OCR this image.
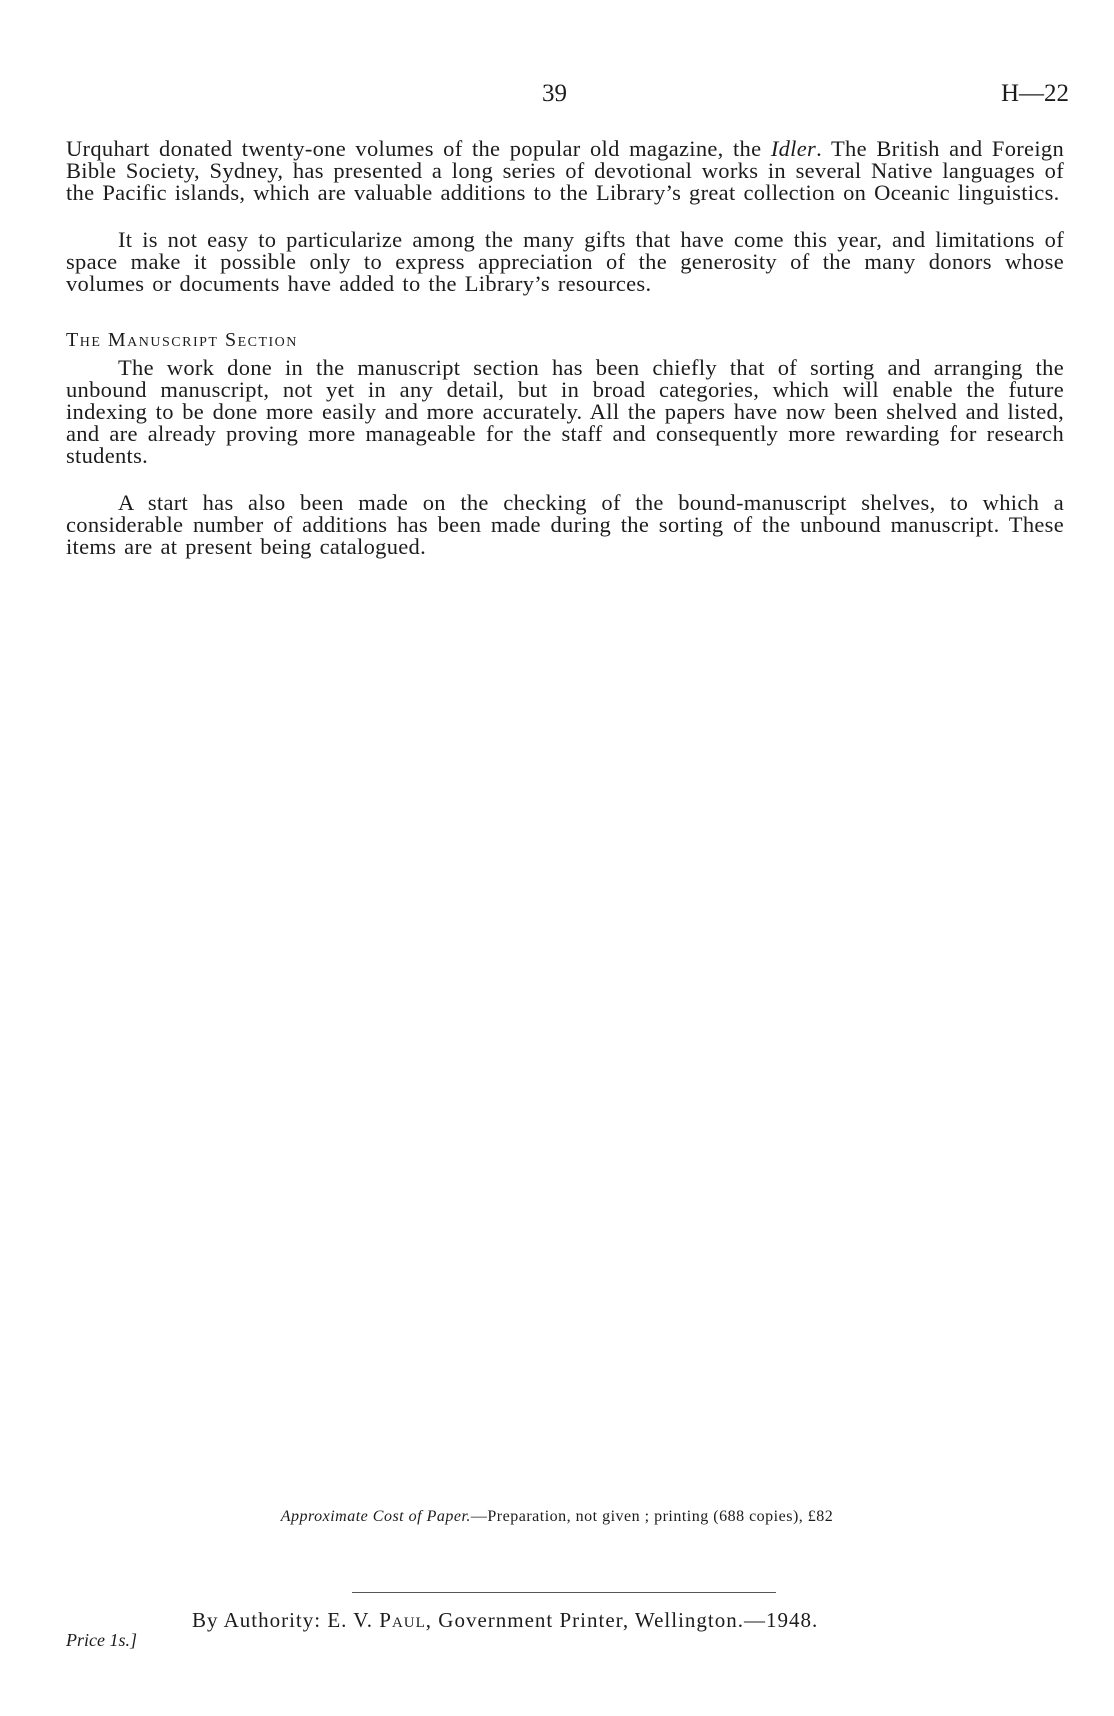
39	H—22

Urquhart donated twenty-one volumes of the popular old magazine, the Idler. The British and Foreign Bible Society, Sydney, has presented a long series of devotional works in several Native languages of the Pacific islands, which are valuable additions to the Library’s great collection on Oceanic linguistics.

It is not easy to particularize among the many gifts that have come this year, and limitations of space make it possible only to express appreciation of the generosity of the many donors whose volumes or documents have added to the Library’s resources.

The Manuscript Section

The work done in the manuscript section has been chiefly that of sorting and arranging the unbound manuscript, not yet in any detail, but in broad categories, which will enable the future indexing to be done more easily and more accurately. All the papers have now been shelved and listed, and are already proving more manageable for the staff and consequently more rewarding for research students.

A start has also been made on the checking of the bound-manuscript shelves, to which a considerable number of additions has been made during the sorting of the unbound manuscript. These items are at present being catalogued.

Approximate Cost of Paper.—Preparation, not given ; printing (688 copies), £82
By Authority: E. V. Paul, Government Printer, Wellington.—1948.
Price 1s.]
